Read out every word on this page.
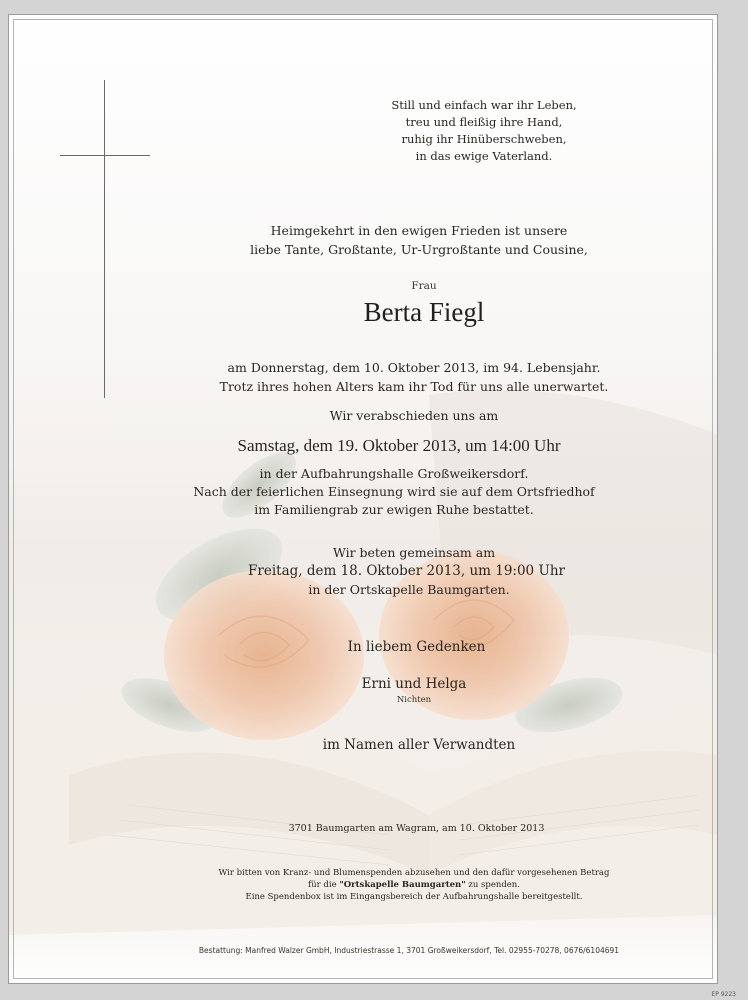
Still und einfach war ihr Leben,
treu und fleißig ihre Hand,
ruhig ihr Hinüberschweben,
in das ewige Vaterland.
Heimgekehrt in den ewigen Frieden ist unsere
liebe Tante, Großtante, Ur-Urgroßtante und Cousine,
Frau
Berta Fiegl
am Donnerstag, dem 10. Oktober 2013, im 94. Lebensjahr.
Trotz ihres hohen Alters kam ihr Tod für uns alle unerwartet.
Wir verabschieden uns am
Samstag, dem 19. Oktober 2013, um 14:00 Uhr
in der Aufbahrungshalle Großweikersdorf.
Nach der feierlichen Einsegnung wird sie auf dem Ortsfriedhof
im Familiengrab zur ewigen Ruhe bestattet.
Wir beten gemeinsam am
Freitag, dem 18. Oktober 2013, um 19:00 Uhr
in der Ortskapelle Baumgarten.
In liebem Gedenken
Erni und Helga
Nichten
im Namen aller Verwandten
3701 Baumgarten am Wagram, am 10. Oktober 2013
Wir bitten von Kranz- und Blumenspenden abzusehen und den dafür vorgesehenen Betrag
für die "Ortskapelle Baumgarten" zu spenden.
Eine Spendenbox ist im Eingangsbereich der Aufbahrungshalle bereitgestellt.
Bestattung: Manfred Walzer GmbH, Industriestrasse 1, 3701 Großweikersdorf, Tel. 02955-70278, 0676/6104691
EP 9223
